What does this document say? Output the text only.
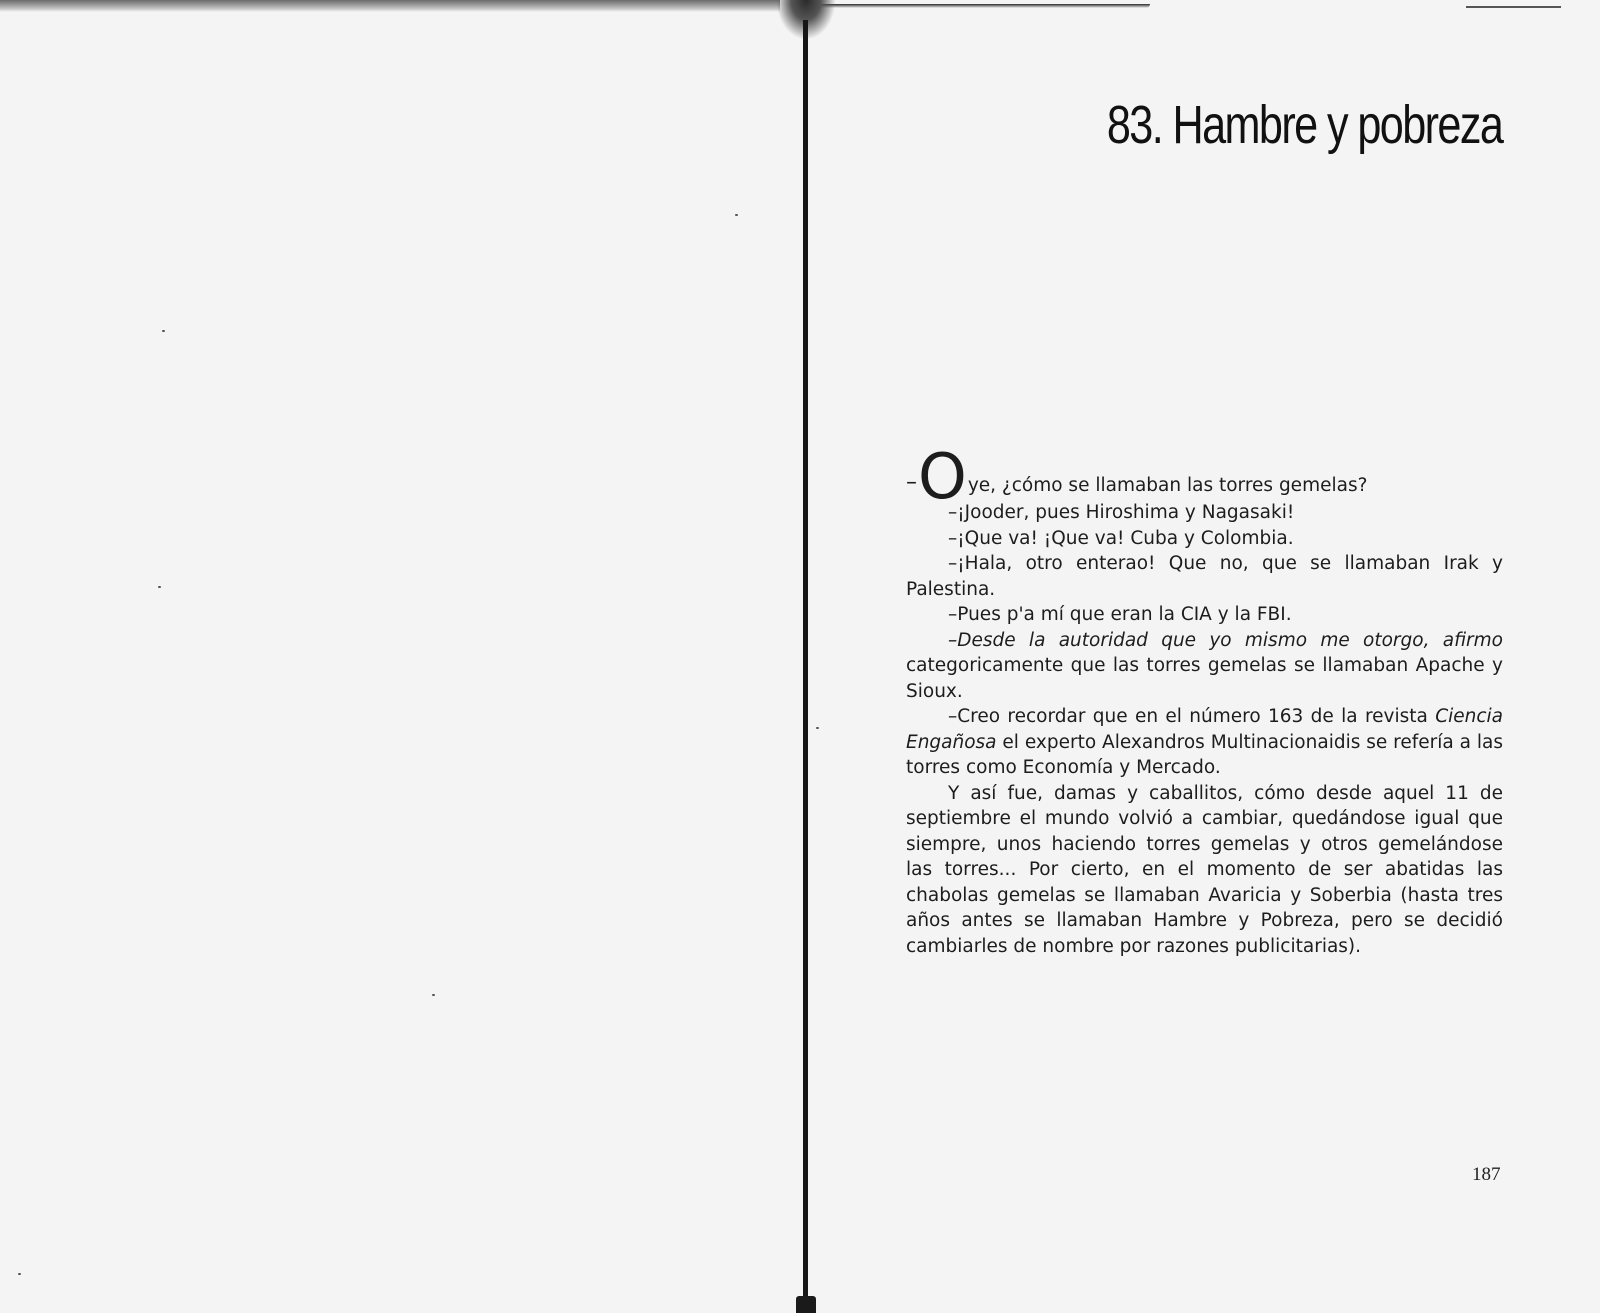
83. Hambre y pobreza

– O ye, ¿cómo se llamaban las torres gemelas?

–¡Jooder, pues Hiroshima y Nagasaki!

–¡Que va! ¡Que va! Cuba y Colombia.

–¡Hala, otro enterao! Que no, que se llamaban Irak y Palestina.

–Pues p'a mí que eran la CIA y la FBI.

–Desde la autoridad que yo mismo me otorgo, afirmo categoricamente que las torres gemelas se llamaban Apache y Sioux.

–Creo recordar que en el número 163 de la revista Ciencia Engañosa el experto Alexandros Multinacionaidis se refería a las torres como Economía y Mercado.

Y así fue, damas y caballitos, cómo desde aquel 11 de septiembre el mundo volvió a cambiar, quedándose igual que siempre, unos haciendo torres gemelas y otros gemelándose las torres... Por cierto, en el momento de ser abatidas las chabolas gemelas se llamaban Avaricia y Soberbia (hasta tres años antes se llamaban Hambre y Pobreza, pero se decidió cambiarles de nombre por razones publicitarias).

187
